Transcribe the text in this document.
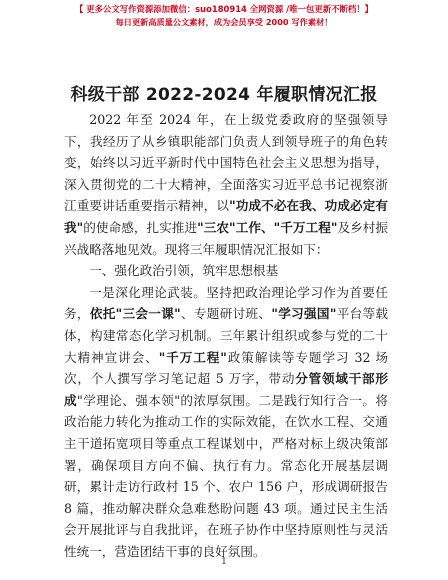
【 更多公文写作资源添加微信：suo180914 全网资源 /唯一包更新不断档！】
每日更新高质量公文素材，成为会员享受 2000 写作素材！
科级干部 2022-2024 年履职情况汇报

2022 年至 2024 年，在上级党委政府的坚强领导下，我经历了从乡镇职能部门负责人到领导班子的角色转变，始终以习近平新时代中国特色社会主义思想为指导，深入贯彻党的二十大精神，全面落实习近平总书记视察浙江重要讲话重要指示精神，以"功成不必在我、功成必定有我"的使命感，扎实推进"三农"工作、"千万工程"及乡村振兴战略落地见效。现将三年履职情况汇报如下：

一、强化政治引领，筑牢思想根基

一是深化理论武装。坚持把政治理论学习作为首要任务，依托"三会一课"、专题研讨班、"学习强国"平台等载体，构建常态化学习机制。三年累计组织或参与党的二十大精神宣讲会、"千万工程"政策解读等专题学习 32 场次，个人撰写学习笔记超 5 万字，带动分管领域干部形成"学理论、强本领"的浓厚氛围。二是践行知行合一。将政治能力转化为推动工作的实际效能，在饮水工程、交通主干道拓宽项目等重点工程谋划中，严格对标上级决策部署，确保项目方向不偏、执行有力。常态化开展基层调研，累计走访行政村 15 个、农户 156 户，形成调研报告 8 篇，推动解决群众急难愁盼问题 43 项。通过民主生活会开展批评与自我批评，在班子协作中坚持原则性与灵活性统一，营造团结干事的良好氛围。

1
